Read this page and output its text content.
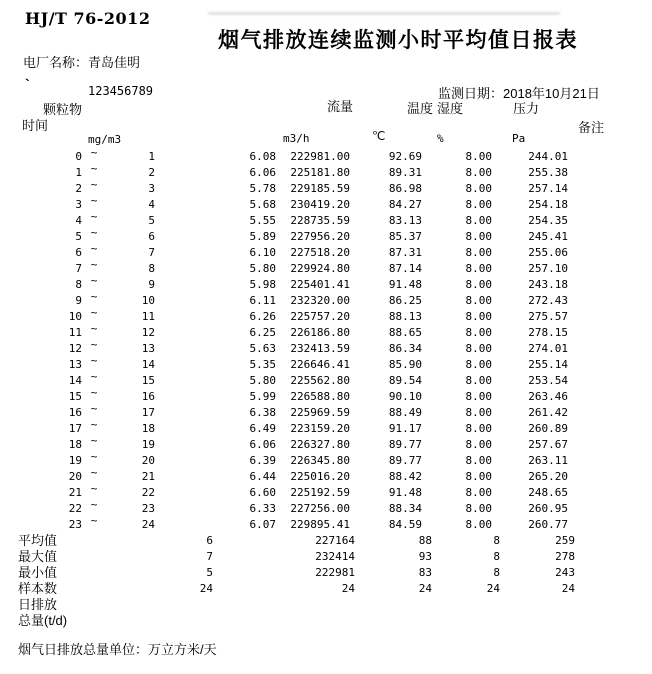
HJ/T 76-2012
烟气排放连续监测小时平均值日报表
电厂名称：青岛佳明
`	123456789	监测日期：2018年10月21日
颗粒物	流量	温度 湿度	压力
时间	备注
mg/m3	m3/h	℃	%	Pa
0 ~	1	6.08	222981.00	92.69	8.00	244.01
1 ~	2	6.06	225181.80	89.31	8.00	255.38
2 ~	3	5.78	229185.59	86.98	8.00	257.14
3 ~	4	5.68	230419.20	84.27	8.00	254.18
4 ~	5	5.55	228735.59	83.13	8.00	254.35
5 ~	6	5.89	227956.20	85.37	8.00	245.41
6 ~	7	6.10	227518.20	87.31	8.00	255.06
7 ~	8	5.80	229924.80	87.14	8.00	257.10
8 ~	9	5.98	225401.41	91.48	8.00	243.18
9 ~	10	6.11	232320.00	86.25	8.00	272.43
10 ~	11	6.26	225757.20	88.13	8.00	275.57
11 ~	12	6.25	226186.80	88.65	8.00	278.15
12 ~	13	5.63	232413.59	86.34	8.00	274.01
13 ~	14	5.35	226646.41	85.90	8.00	255.14
14 ~	15	5.80	225562.80	89.54	8.00	253.54
15 ~	16	5.99	226588.80	90.10	8.00	263.46
16 ~	17	6.38	225969.59	88.49	8.00	261.42
17 ~	18	6.49	223159.20	91.17	8.00	260.89
18 ~	19	6.06	226327.80	89.77	8.00	257.67
19 ~	20	6.39	226345.80	89.77	8.00	263.11
20 ~	21	6.44	225016.20	88.42	8.00	265.20
21 ~	22	6.60	225192.59	91.48	8.00	248.65
22 ~	23	6.33	227256.00	88.34	8.00	260.95
23 ~	24	6.07	229895.41	84.59	8.00	260.77
平均值	6	227164	88	8	259
最大值	7	232414	93	8	278
最小值	5	222981	83	8	243
样本数	24	24	24	24	24
日排放
总量(t/d)
烟气日排放总量单位：万立方米/天
